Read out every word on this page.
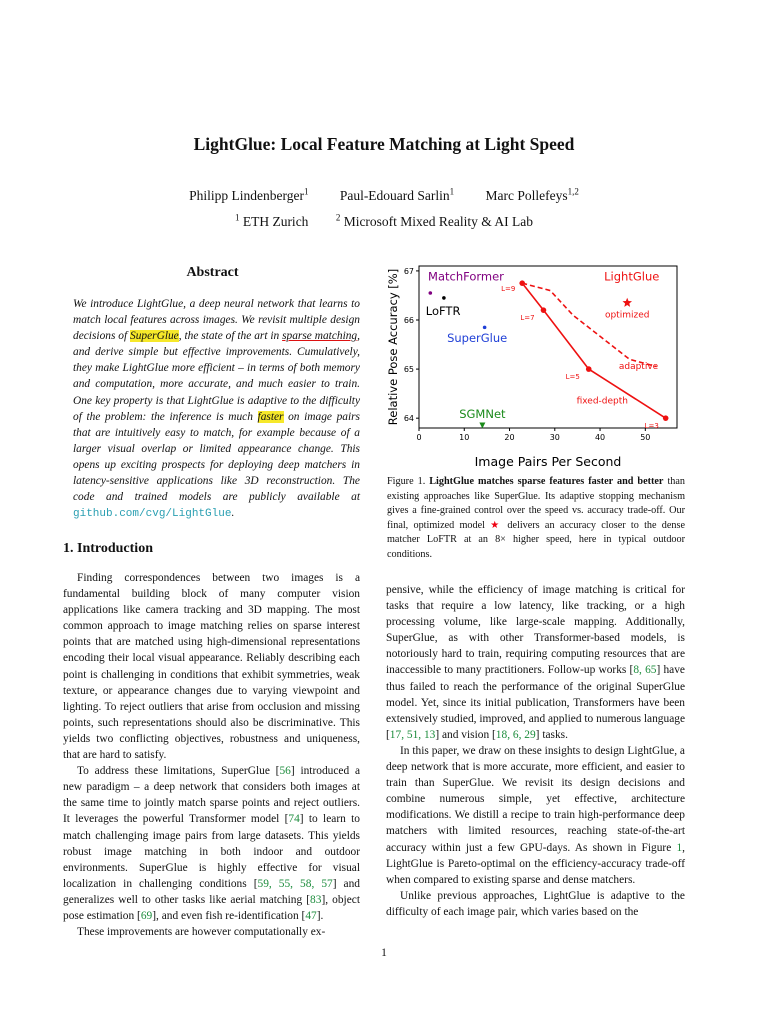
LightGlue: Local Feature Matching at Light Speed
Philipp Lindenberger$^1$ Paul-Edouard Sarlin$^1$ Marc Pollefeys$^{1,2}$
$^1$ ETH Zurich	$^2$ Microsoft Mixed Reality & AI Lab
Abstract
We introduce LightGlue, a deep neural network that learns to match local features across images. We revisit multiple design decisions of SuperGlue, the state of the art in sparse matching, and derive simple but effective improvements. Cumulatively, they make LightGlue more efficient – in terms of both memory and computation, more accurate, and much easier to train. One key property is that LightGlue is adaptive to the difficulty of the problem: the inference is much faster on image pairs that are intuitively easy to match, for example because of a larger visual overlap or limited appearance change. This opens up exciting prospects for deploying deep matchers in latency-sensitive applications like 3D reconstruction. The code and trained models are publicly available at github.com/cvg/LightGlue.
1. Introduction

Finding correspondences between two images is a fundamental building block of many computer vision applications like camera tracking and 3D mapping. The most common approach to image matching relies on sparse interest points that are matched using high-dimensional representations encoding their local visual appearance. Reliably describing each point is challenging in conditions that exhibit symmetries, weak texture, or appearance changes due to varying viewpoint and lighting. To reject outliers that arise from occlusion and missing points, such representations should also be discriminative. This yields two conflicting objectives, robustness and uniqueness, that are hard to satisfy.

To address these limitations, SuperGlue [56] introduced a new paradigm – a deep network that considers both images at the same time to jointly match sparse points and reject outliers. It leverages the powerful Transformer model [74] to learn to match challenging image pairs from large datasets. This yields robust image matching in both indoor and outdoor environments. SuperGlue is highly effective for visual localization in challenging conditions [59, 55, 58, 57] and generalizes well to other tasks like aerial matching [83], object pose estimation [69], and even fish re-identification [47].

These improvements are however computationally ex-

0	10	20	30	40	50
64
65
66
67
Image Pairs Per Second
Relative Pose Accuracy [%]	L=9
L=7
L=5
L=3
MatchFormer
LoFTR
SuperGlue
SGMNet
LightGlue
optimized
adaptive
fixed-depth
Figure 1. LightGlue matches sparse features faster and better than existing approaches like SuperGlue. Its adaptive stopping mechanism gives a fine-grained control over the speed vs. accuracy trade-off. Our final, optimized model ★ delivers an accuracy closer to the dense matcher LoFTR at an 8× higher speed, here in typical outdoor conditions.

pensive, while the efficiency of image matching is critical for tasks that require a low latency, like tracking, or a high processing volume, like large-scale mapping. Additionally, SuperGlue, as with other Transformer-based models, is notoriously hard to train, requiring computing resources that are inaccessible to many practitioners. Follow-up works [8, 65] have thus failed to reach the performance of the original SuperGlue model. Yet, since its initial publication, Transformers have been extensively studied, improved, and applied to numerous language [17, 51, 13] and vision [18, 6, 29] tasks.

In this paper, we draw on these insights to design LightGlue, a deep network that is more accurate, more efficient, and easier to train than SuperGlue. We revisit its design decisions and combine numerous simple, yet effective, architecture modifications. We distill a recipe to train high-performance deep matchers with limited resources, reaching state-of-the-art accuracy within just a few GPU-days. As shown in Figure 1, LightGlue is Pareto-optimal on the efficiency-accuracy trade-off when compared to existing sparse and dense matchers.

Unlike previous approaches, LightGlue is adaptive to the difficulty of each image pair, which varies based on the

1
